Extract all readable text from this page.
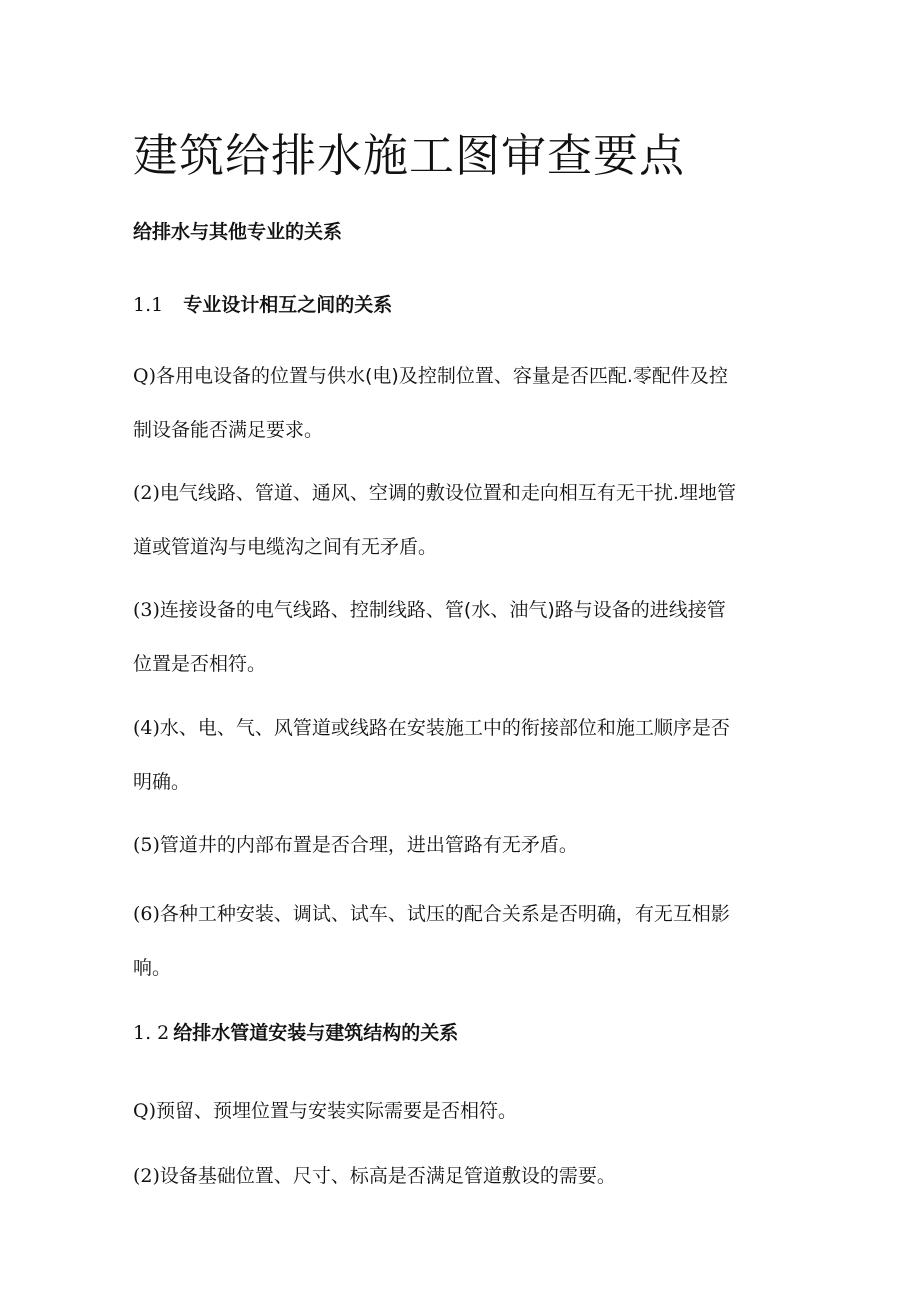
建筑给排水施工图审查要点
给排水与其他专业的关系
1.1 专业设计相互之间的关系
Q)各用电设备的位置与供水(电)及控制位置、容量是否匹配.零配件及控
制设备能否满足要求。
(2)电气线路、管道、通风、空调的敷设位置和走向相互有无干扰.埋地管
道或管道沟与电缆沟之间有无矛盾。
(3)连接设备的电气线路、控制线路、管(水、油气)路与设备的进线接管
位置是否相符。
(4)水、电、气、风管道或线路在安装施工中的衔接部位和施工顺序是否
明确。
(5)管道井的内部布置是否合理，进出管路有无矛盾。
(6)各种工种安装、调试、试车、试压的配合关系是否明确，有无互相影
响。
1. 2 给排水管道安装与建筑结构的关系
Q)预留、预埋位置与安装实际需要是否相符。
(2)设备基础位置、尺寸、标高是否满足管道敷设的需要。
